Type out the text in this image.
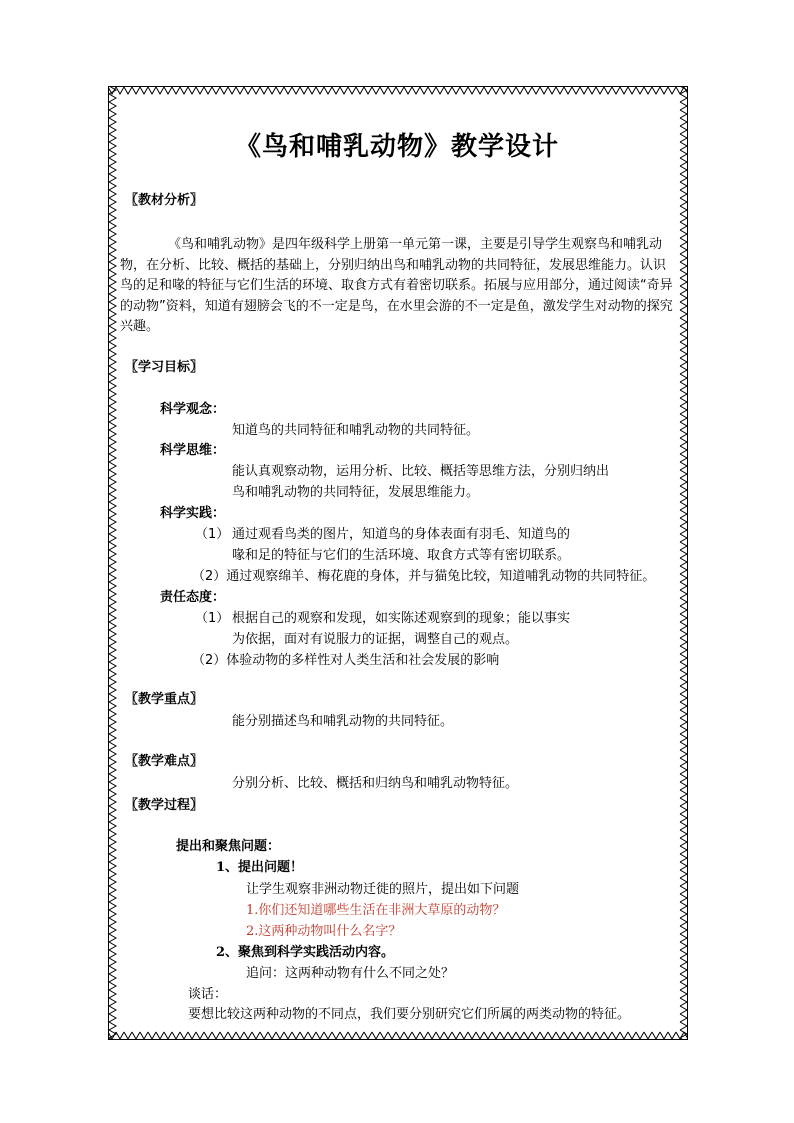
《鸟和哺乳动物》教学设计
〖教材分析〗
《鸟和哺乳动物》是四年级科学上册第一单元第一课，主要是引导学生观察鸟和哺乳动物，在分析、比较、概括的基础上，分别归纳出鸟和哺乳动物的共同特征，发展思维能力。认识鸟的足和喙的特征与它们生活的环境、取食方式有着密切联系。拓展与应用部分，通过阅读“奇异的动物”资料，知道有翅膀会飞的不一定是鸟，在水里会游的不一定是鱼，激发学生对动物的探究兴趣。
〖学习目标〗
科学观念：
知道鸟的共同特征和哺乳动物的共同特征。
科学思维：
能认真观察动物，运用分析、比较、概括等思维方法，分别归纳出
鸟和哺乳动物的共同特征，发展思维能力。
科学实践：
（1） 通过观看鸟类的图片，知道鸟的身体表面有羽毛、知道鸟的
喙和足的特征与它们的生活环境、取食方式等有密切联系。
（2）通过观察绵羊、梅花鹿的身体，并与猫兔比较，知道哺乳动物的共同特征。
责任态度：
（1） 根据自己的观察和发现，如实陈述观察到的现象；能以事实
为依据，面对有说服力的证据，调整自己的观点。
（2）体验动物的多样性对人类生活和社会发展的影响
〖教学重点〗
能分别描述鸟和哺乳动物的共同特征。
〖教学难点〗
分别分析、比较、概括和归纳鸟和哺乳动物特征。
〖教学过程〗
提出和聚焦问题：
1、提出问题！
让学生观察非洲动物迁徙的照片，提出如下问题
1.你们还知道哪些生活在非洲大草原的动物？
2.这两种动物叫什么名字？
2、聚焦到科学实践活动内容。
追问：这两种动物有什么不同之处？
谈话：
要想比较这两种动物的不同点，我们要分别研究它们所属的两类动物的特征。
